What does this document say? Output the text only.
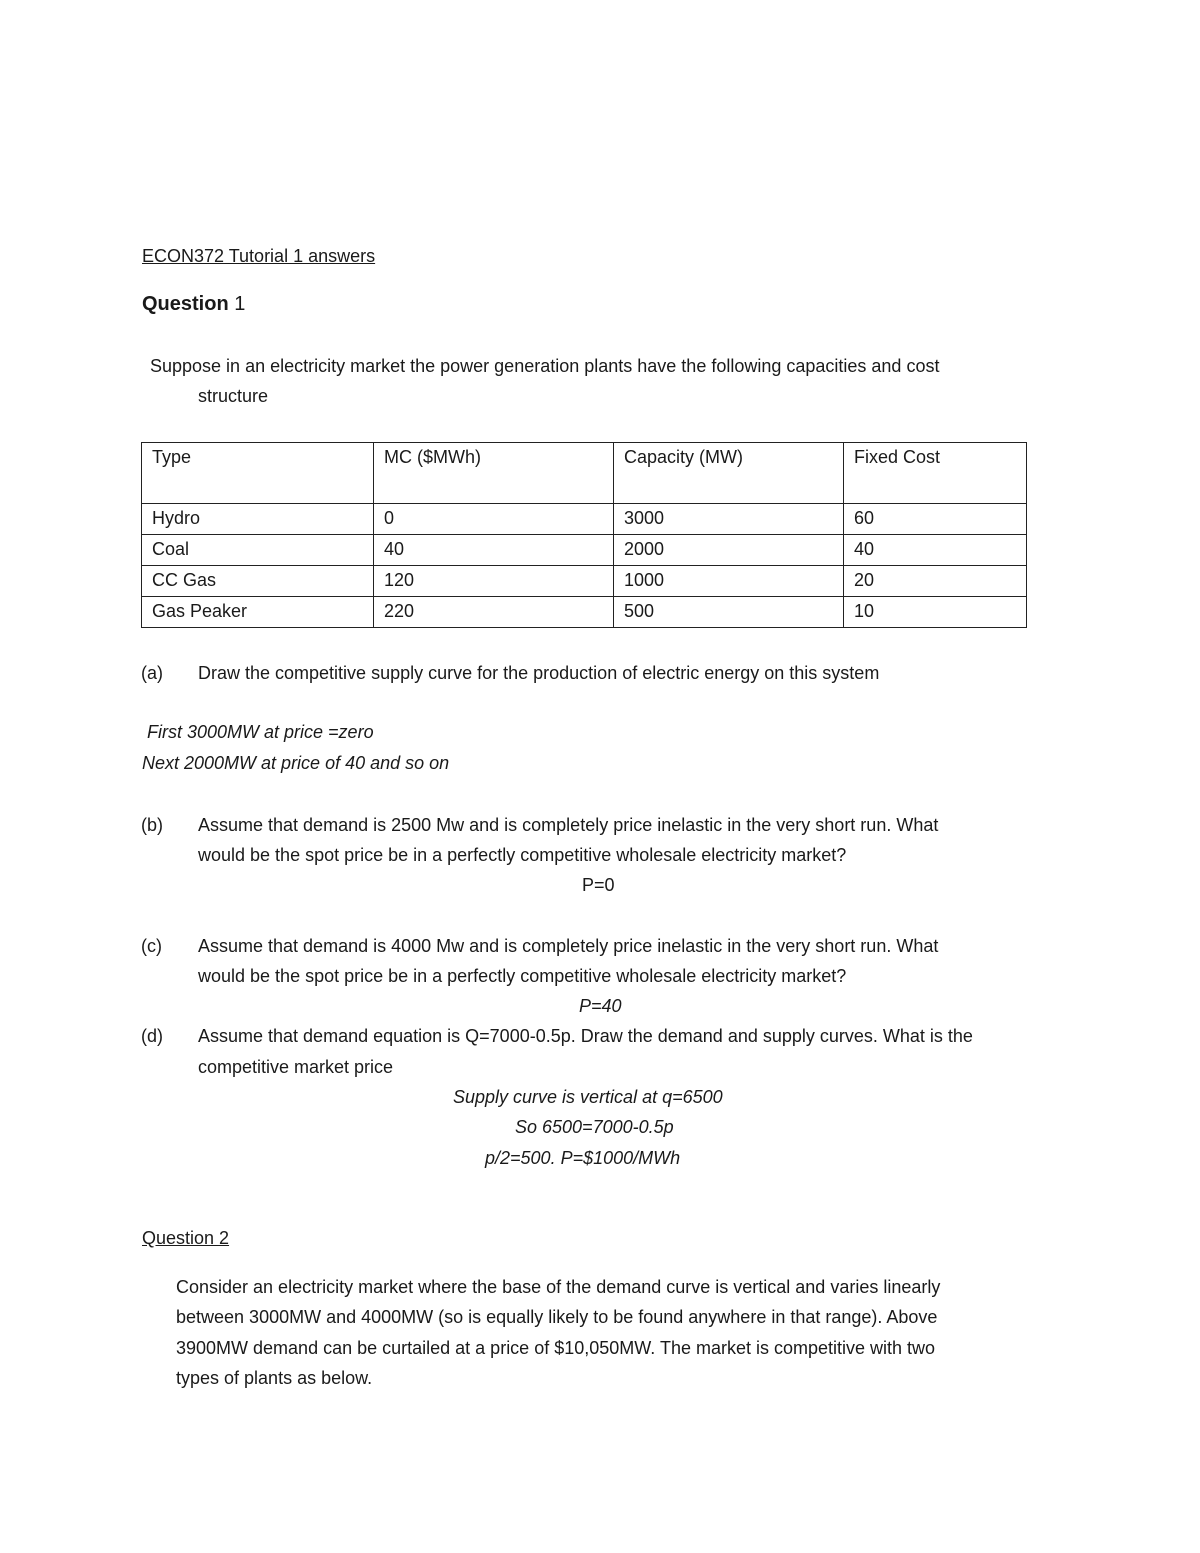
ECON372 Tutorial 1 answers

Question 1

Suppose in an electricity market the power generation plants have the following capacities and cost

structure

Type	MC ($MWh)	Capacity (MW)	Fixed Cost
Hydro	0	3000	60
Coal	40	2000	40
CC Gas	120	1000	20
Gas Peaker	220	500	10

(a) Draw the competitive supply curve for the production of electric energy on this system

First 3000MW at price =zero

Next 2000MW at price of 40 and so on

(b) Assume that demand is 2500 Mw and is completely price inelastic in the very short run. What

would be the spot price be in a perfectly competitive wholesale electricity market?

P=0

(c) Assume that demand is 4000 Mw and is completely price inelastic in the very short run. What

would be the spot price be in a perfectly competitive wholesale electricity market?

P=40

(d) Assume that demand equation is Q=7000-0.5p. Draw the demand and supply curves. What is the

competitive market price

Supply curve is vertical at q=6500

So 6500=7000-0.5p

p/2=500. P=$1000/MWh

Question 2

Consider an electricity market where the base of the demand curve is vertical and varies linearly

between 3000MW and 4000MW (so is equally likely to be found anywhere in that range). Above

3900MW demand can be curtailed at a price of $10,050MW. The market is competitive with two

types of plants as below.
